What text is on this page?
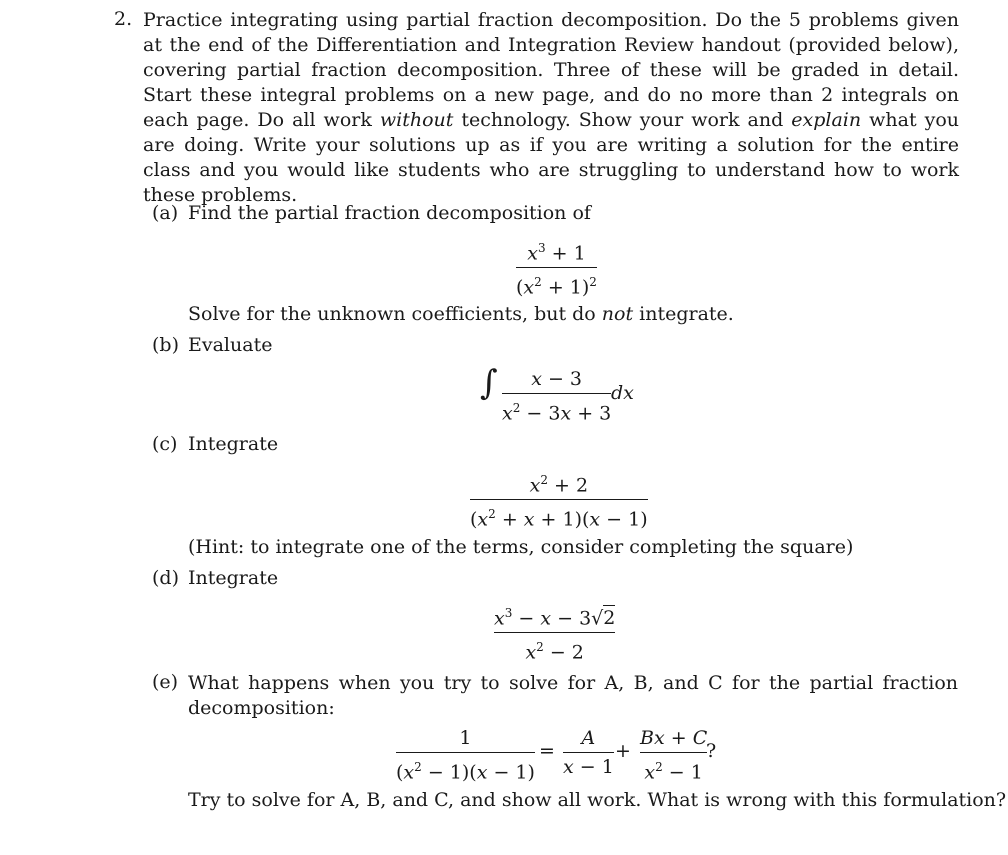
2. Practice integrating using partial fraction decomposition. Do the 5 problems given at the end of the Differentiation and Integration Review handout (provided below), covering partial fraction decomposition. Three of these will be graded in detail. Start these integral problems on a new page, and do no more than 2 integrals on each page. Do all work without technology. Show your work and explain what you are doing. Write your solutions up as if you are writing a solution for the entire class and you would like students who are struggling to understand how to work these problems.

(a) Find the partial fraction decomposition of
$x^3 + 1$
$(x^2 + 1)^2$
Solve for the unknown coefficients, but do not integrate.
(b) Evaluate
∫ x − 3
$x^2 - 3x + 3$
dx
(c) Integrate
$x^2 + 2$
$(x^2 + x + 1)(x - 1)$
(Hint: to integrate one of the terms, consider completing the square)
(d) Integrate
$x^3 - x - 3√2$
$x^2 - 2$
(e) What happens when you try to solve for A, B, and C for the partial fraction decomposition:
1
$(x^2 - 1)(x - 1)$
=
A
x − 1
+
Bx + C
$x^2 - 1$
?
Try to solve for A, B, and C, and show all work. What is wrong with this formulation?
